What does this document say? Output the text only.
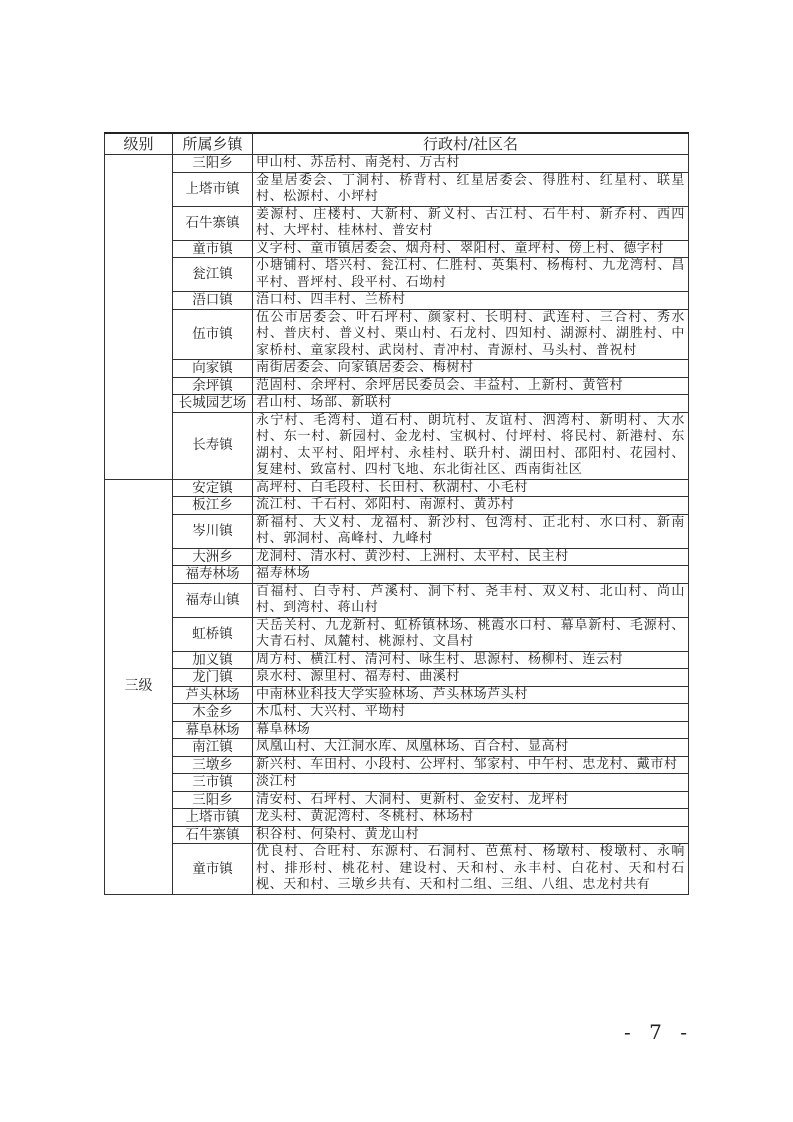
级别	所属乡镇	行政村/社区名
	三阳乡	甲山村、苏岳村、南尧村、万古村
	上塔市镇	金星居委会、丁洞村、桥背村、红星居委会、得胜村、红星村、联星村、松源村、小坪村
	石牛寨镇	姜源村、庄楼村、大新村、新义村、古江村、石牛村、新乔村、西四村、大坪村、桂林村、普安村
	童市镇	义字村、童市镇居委会、烟舟村、翠阳村、童坪村、傍上村、德字村
	瓮江镇	小塘铺村、塔兴村、瓮江村、仁胜村、英集村、杨梅村、九龙湾村、昌平村、晋坪村、段平村、石坳村
	浯口镇	浯口村、四丰村、兰桥村
	伍市镇	伍公市居委会、叶石坪村、颜家村、长明村、武连村、三合村、秀水村、普庆村、普义村、栗山村、石龙村、四知村、湖源村、湖胜村、中家桥村、童家段村、武岗村、青冲村、青源村、马头村、普祝村
	向家镇	南街居委会、向家镇居委会、梅树村
	余坪镇	范固村、余坪村、余坪居民委员会、丰益村、上新村、黄管村
	长城园艺场	君山村、场部、新联村
	长寿镇	永宁村、毛湾村、道石村、朗坑村、友谊村、泗湾村、新明村、大水村、东一村、新园村、金龙村、宝枫村、付坪村、将民村、新港村、东湖村、太平村、阳坪村、永桂村、联升村、湖田村、邵阳村、花园村、复建村、致富村、四村飞地、东北街社区、西南街社区
三级	安定镇	高坪村、白毛段村、长田村、秋湖村、小毛村
	板江乡	流江村、千石村、郊阳村、南源村、黄苏村
	岑川镇	新福村、大义村、龙福村、新沙村、包湾村、正北村、水口村、新南村、郭洞村、高峰村、九峰村
	大洲乡	龙洞村、清水村、黄沙村、上洲村、太平村、民主村
	福寿林场	福寿林场
	福寿山镇	百福村、白寺村、芦溪村、洞下村、尧丰村、双义村、北山村、尚山村、到湾村、蒋山村
	虹桥镇	天岳关村、九龙新村、虹桥镇林场、桃霞水口村、幕阜新村、毛源村、大青石村、凤麓村、桃源村、文昌村
	加义镇	周方村、横江村、清河村、咏生村、思源村、杨柳村、连云村
	龙门镇	泉水村、源里村、福寿村、曲溪村
	芦头林场	中南林业科技大学实验林场、芦头林场芦头村
	木金乡	木瓜村、大兴村、平坳村
	幕阜林场	幕阜林场
	南江镇	凤凰山村、大江洞水库、凤凰林场、百合村、显高村
	三墩乡	新兴村、车田村、小段村、公坪村、邹家村、中午村、忠龙村、戴市村
	三市镇	淡江村
	三阳乡	清安村、石坪村、大洞村、更新村、金安村、龙坪村
	上塔市镇	龙头村、黄泥湾村、冬桃村、林场村
	石牛寨镇	积谷村、何染村、黄龙山村
	童市镇	优良村、合旺村、东源村、石洞村、芭蕉村、杨墩村、梭墩村、永响村、排形村、桃花村、建设村、天和村、永丰村、白花村、天和村石枧、天和村、三墩乡共有、天和村二组、三组、八组、忠龙村共有
- 7 -
